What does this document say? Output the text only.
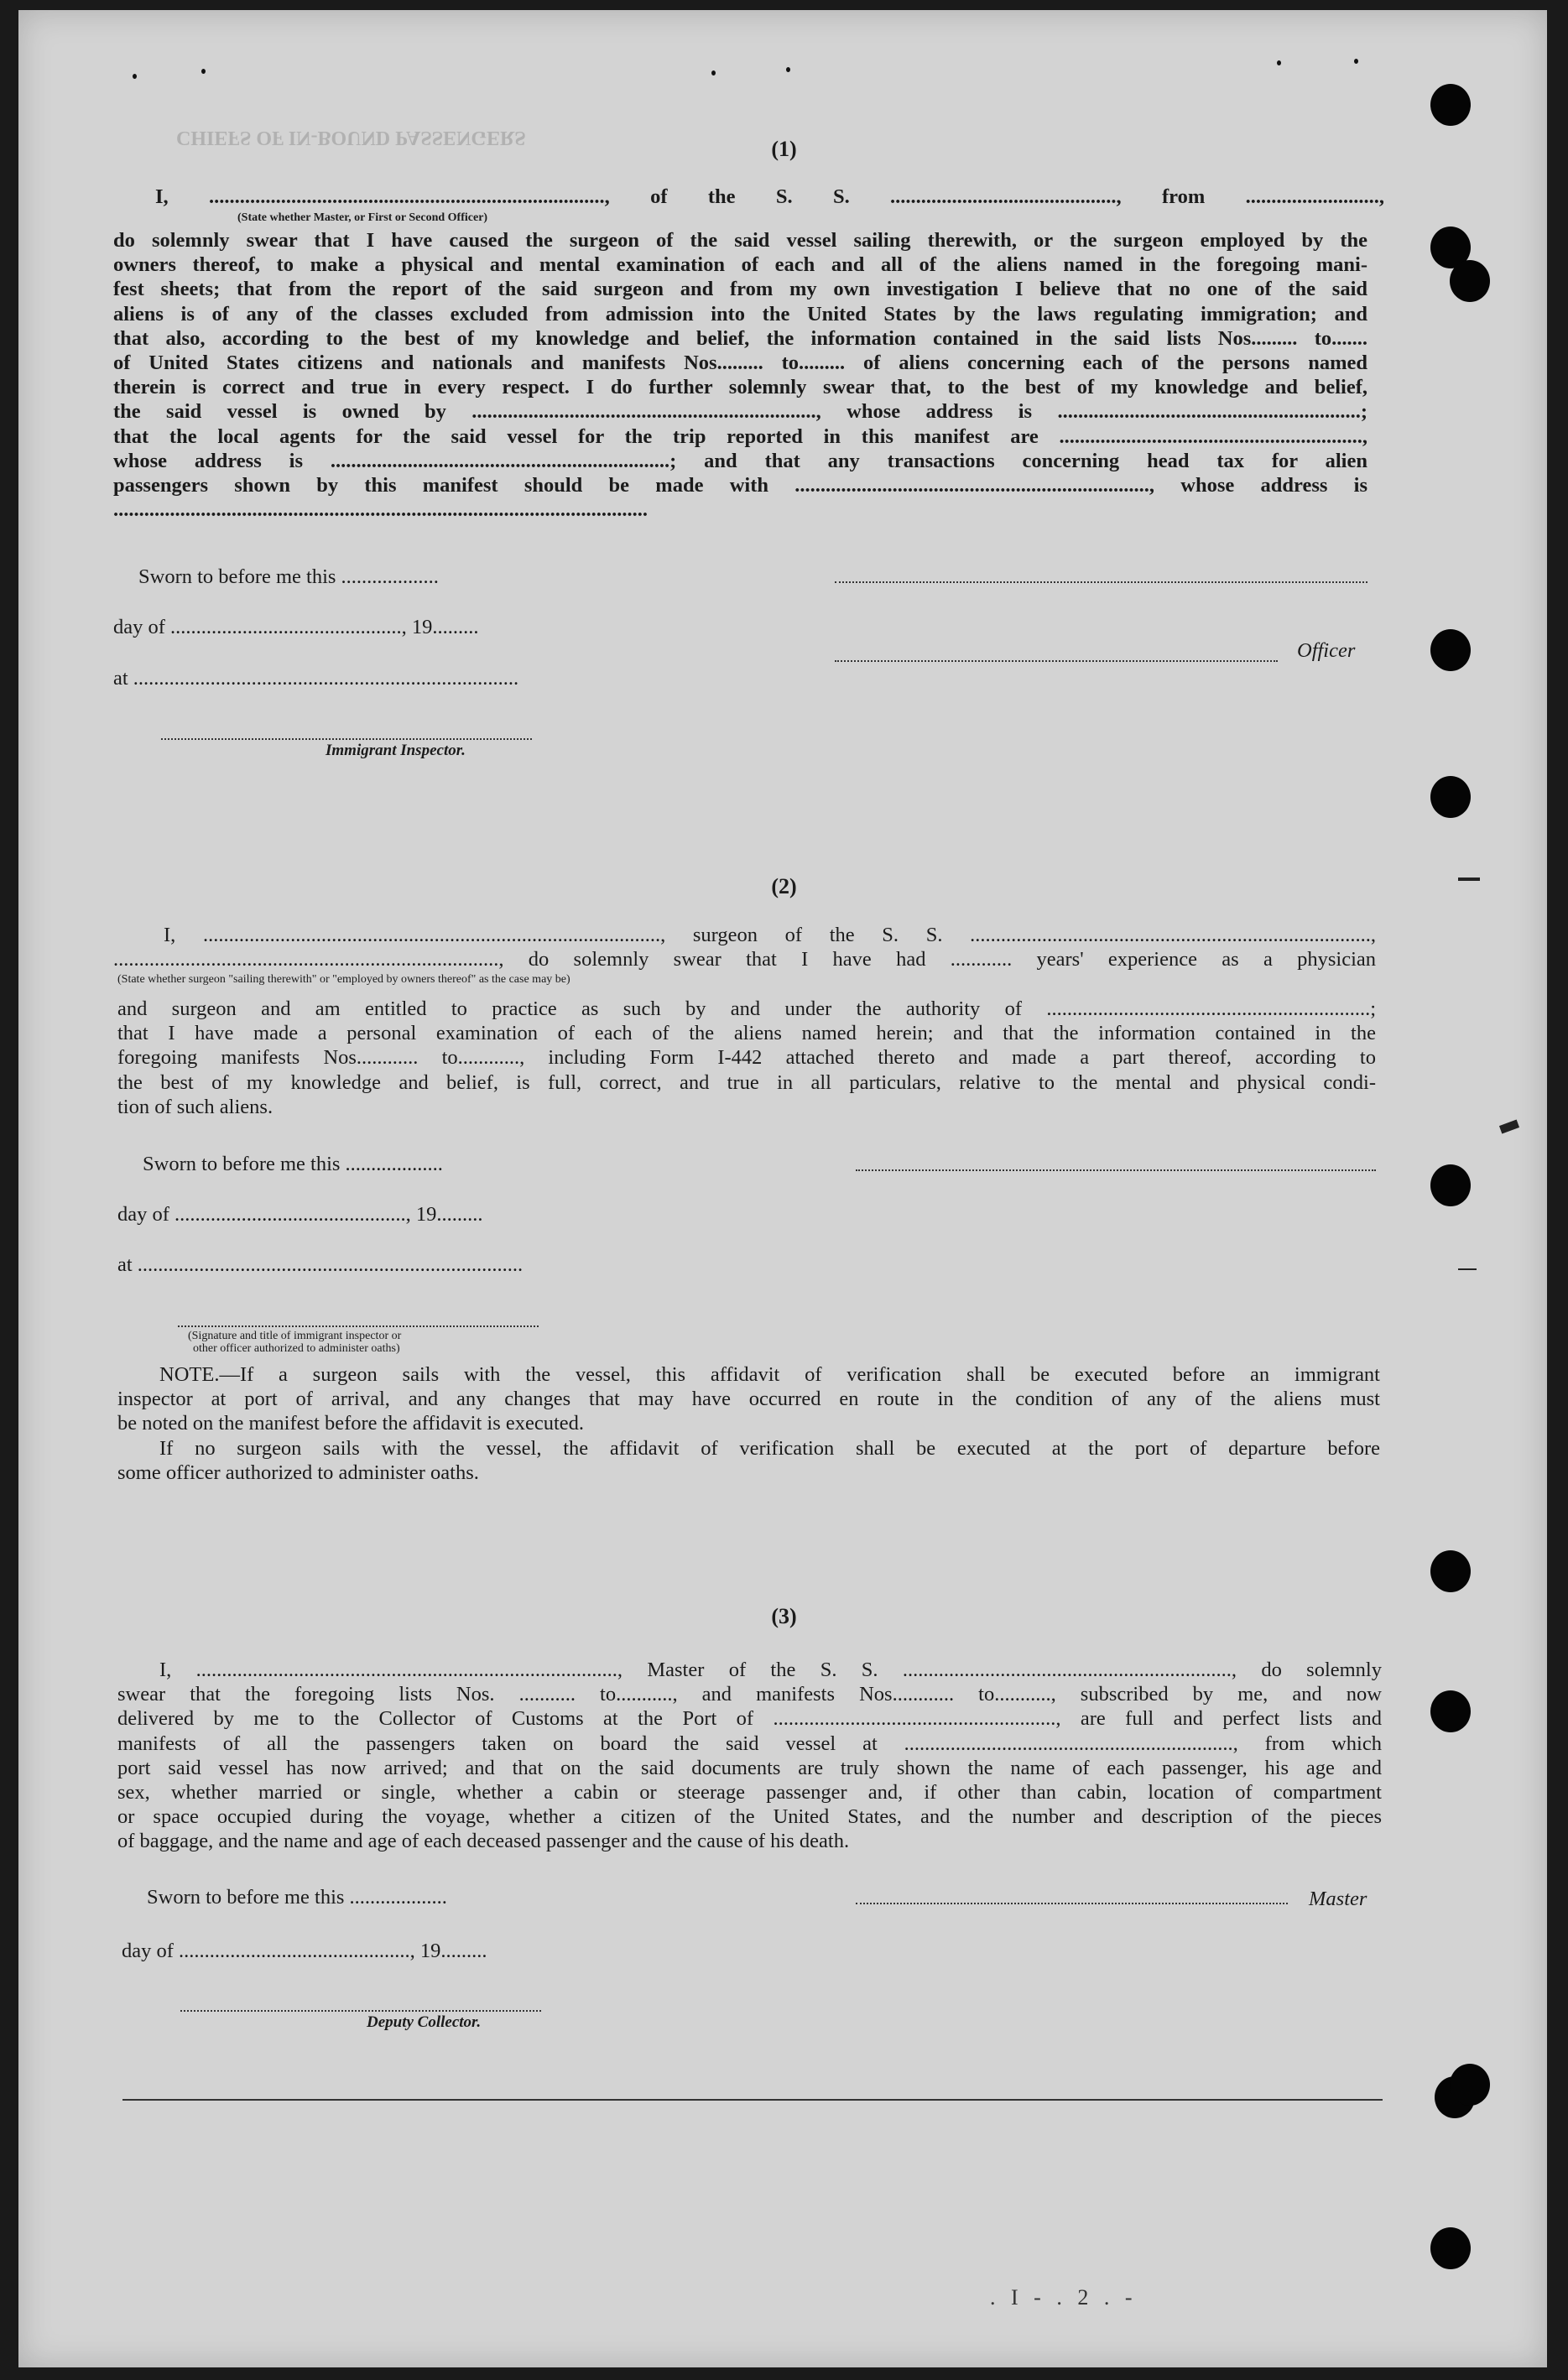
CHIEFS OF IN-BOUND PASSENGERS	(1)
I, ............................................................................., of the S. S. ............................................, from ..........................,
(State whether Master, or First or Second Officer)
do solemnly swear that I have caused the surgeon of the said vessel sailing therewith, or the surgeon employed by the
owners thereof, to make a physical and mental examination of each and all of the aliens named in the foregoing mani-
fest sheets; that from the report of the said surgeon and from my own investigation I believe that no one of the said
aliens is of any of the classes excluded from admission into the United States by the laws regulating immigration; and
that also, according to the best of my knowledge and belief, the information contained in the said lists Nos......... to.......
of United States citizens and nationals and manifests Nos......... to......... of aliens concerning each of the persons named
therein is correct and true in every respect. I do further solemnly swear that, to the best of my knowledge and belief,
the said vessel is owned by ..................................................................., whose address is ...........................................................;
that the local agents for the said vessel for the trip reported in this manifest are ...........................................................,
whose address is ..................................................................; and that any transactions concerning head tax for alien
passengers shown by this manifest should be made with ....................................................................., whose address is
........................................................................................................
Sworn to before me this ...................
day of ............................................., 19.........
at ...........................................................................
Immigrant Inspector.
Officer
(2)
I, ........................................................................................., surgeon of the S. S. ..............................................................................,
..........................................................................., do solemnly swear that I have had ............ years' experience as a physician
(State whether surgeon "sailing therewith" or "employed by owners thereof" as the case may be)
and surgeon and am entitled to practice as such by and under the authority of ...............................................................;
that I have made a personal examination of each of the aliens named herein; and that the information contained in the
foregoing manifests Nos............ to............, including Form I-442 attached thereto and made a part thereof, according to
the best of my knowledge and belief, is full, correct, and true in all particulars, relative to the mental and physical condi-
tion of such aliens.
Sworn to before me this ...................
day of ............................................., 19.........
at ...........................................................................
(Signature and title of immigrant inspector or
other officer authorized to administer oaths)
NOTE.—If a surgeon sails with the vessel, this affidavit of verification shall be executed before an immigrant
inspector at port of arrival, and any changes that may have occurred en route in the condition of any of the aliens must
be noted on the manifest before the affidavit is executed.
If no surgeon sails with the vessel, the affidavit of verification shall be executed at the port of departure before
some officer authorized to administer oaths.
(3)
I, .................................................................................., Master of the S. S. ................................................................, do solemnly
swear that the foregoing lists Nos. ........... to..........., and manifests Nos............ to..........., subscribed by me, and now
delivered by me to the Collector of Customs at the Port of ......................................................., are full and perfect lists and
manifests of all the passengers taken on board the said vessel at ................................................................, from which
port said vessel has now arrived; and that on the said documents are truly shown the name of each passenger, his age and
sex, whether married or single, whether a cabin or steerage passenger and, if other than cabin, location of compartment
or space occupied during the voyage, whether a citizen of the United States, and the number and description of the pieces
of baggage, and the name and age of each deceased passenger and the cause of his death.
Sworn to before me this ...................
day of ............................................., 19.........
Deputy Collector.
Master
. I - . 2 . -
